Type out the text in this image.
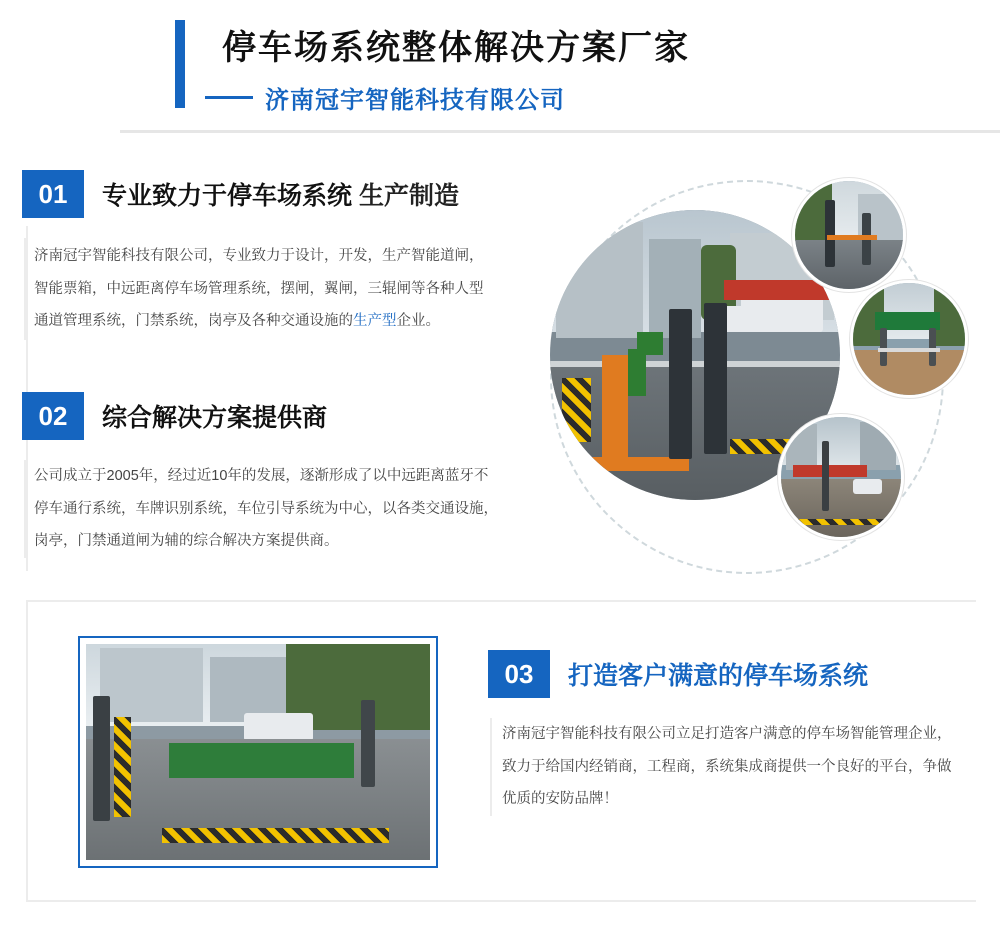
停车场系统整体解决方案厂家
济南冠宇智能科技有限公司
01	专业致力于停车场系统 生产制造
济南冠宇智能科技有限公司，专业致力于设计，开发，生产智能道闸，
智能票箱，中远距离停车场管理系统，摆闸，翼闸，三辊闸等各种人型
通道管理系统，门禁系统，岗亭及各种交通设施的生产型企业。
02	综合解决方案提供商
公司成立于2005年，经过近10年的发展，逐渐形成了以中远距离蓝牙不
停车通行系统，车牌识别系统，车位引导系统为中心，以各类交通设施，
岗亭，门禁通道闸为辅的综合解决方案提供商。
03	打造客户满意的停车场系统
济南冠宇智能科技有限公司立足打造客户满意的停车场智能管理企业，
致力于给国内经销商，工程商，系统集成商提供一个良好的平台，争做
优质的安防品牌！
